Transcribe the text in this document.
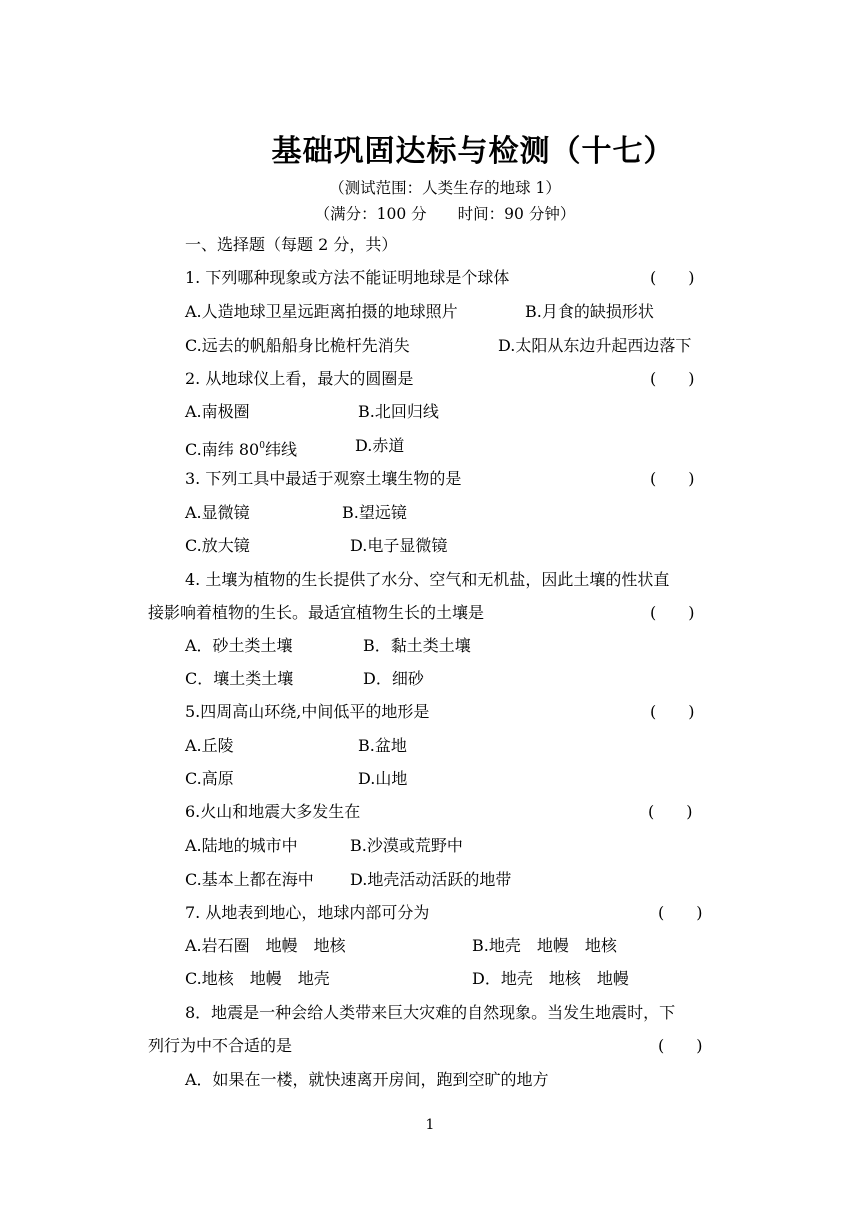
基础巩固达标与检测（十七）
（测试范围：人类生存的地球 1）
（满分：100 分　　时间：90 分钟）
一、选择题（每题 2 分，共）
1. 下列哪种现象或方法不能证明地球是个球体	(　　)
A.人造地球卫星远距离拍摄的地球照片	B.月食的缺损形状
C.远去的帆船船身比桅杆先消失	D.太阳从东边升起西边落下
2. 从地球仪上看，最大的圆圈是	(　　)
A.南极圈	B.北回归线
C.南纬 $80^0$纬线	D.赤道
3. 下列工具中最适于观察土壤生物的是	(　　)
A.显微镜	B.望远镜
C.放大镜	D.电子显微镜
4. 土壤为植物的生长提供了水分、空气和无机盐，因此土壤的性状直
接影响着植物的生长。最适宜植物生长的土壤是	(　　)
A．砂土类土壤	B．黏土类土壤
C．壤土类土壤	D．细砂
5.四周高山环绕,中间低平的地形是	(　　)
A.丘陵	B.盆地
C.高原	D.山地
6.火山和地震大多发生在	(　　)
A.陆地的城市中	B.沙漠或荒野中
C.基本上都在海中 D.地壳活动活跃的地带
7. 从地表到地心，地球内部可分为	(　　)
A.岩石圈　地幔　地核	B.地壳　地幔　地核
C.地核　地幔　地壳	D．地壳　地核　地幔
8．地震是一种会给人类带来巨大灾难的自然现象。当发生地震时，下
列行为中不合适的是	(　　)
A．如果在一楼，就快速离开房间，跑到空旷的地方
1
